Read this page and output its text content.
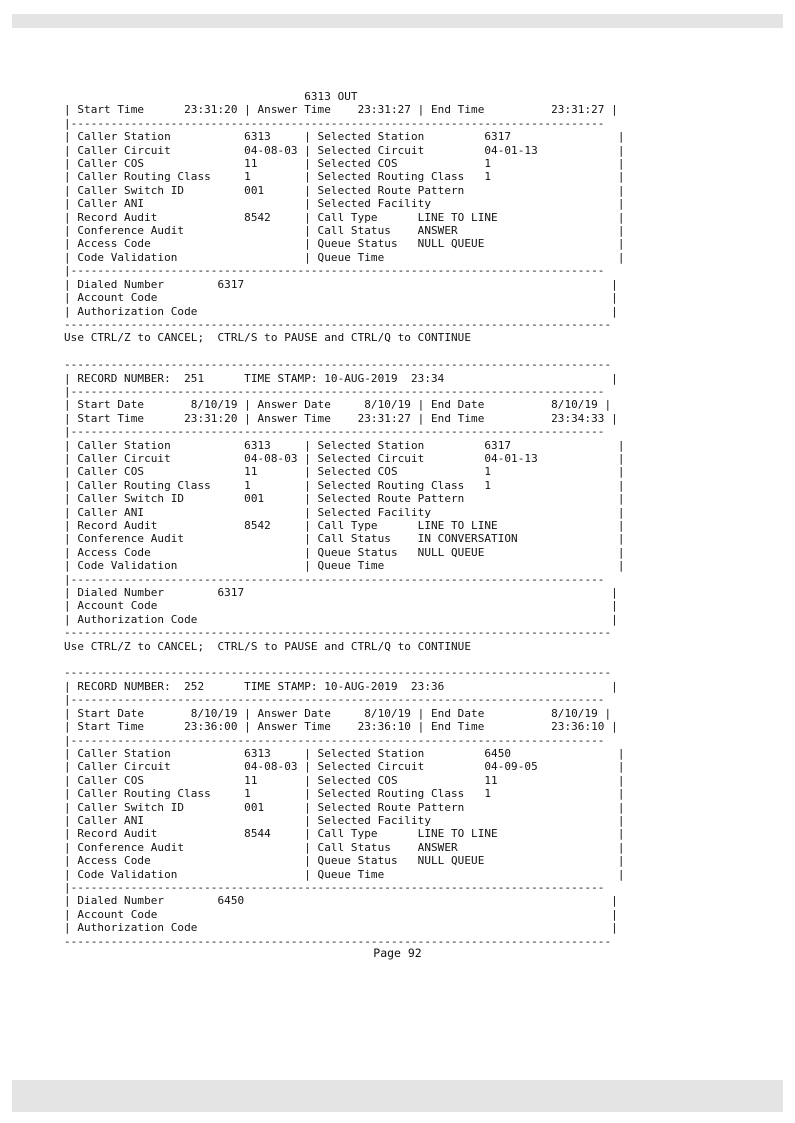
6313 OUT
| Start Time      23:31:20 | Answer Time    23:31:27 | End Time          23:31:27 |
|--------------------------------------------------------------------------------
| Caller Station           6313     | Selected Station         6317                |
| Caller Circuit           04-08-03 | Selected Circuit         04-01-13            |
| Caller COS               11       | Selected COS             1                   |
| Caller Routing Class     1        | Selected Routing Class   1                   |
| Caller Switch ID         001      | Selected Route Pattern                       |
| Caller ANI                        | Selected Facility                            |
| Record Audit             8542     | Call Type      LINE TO LINE                  |
| Conference Audit                  | Call Status    ANSWER                        |
| Access Code                       | Queue Status   NULL QUEUE                    |
| Code Validation                   | Queue Time                                   |
|--------------------------------------------------------------------------------
| Dialed Number        6317                                                       |
| Account Code                                                                    |
| Authorization Code                                                              |
----------------------------------------------------------------------------------
Use CTRL/Z to CANCEL;  CTRL/S to PAUSE and CTRL/Q to CONTINUE

----------------------------------------------------------------------------------
| RECORD NUMBER:  251      TIME STAMP: 10-AUG-2019  23:34                         |
|--------------------------------------------------------------------------------
| Start Date       8/10/19 | Answer Date     8/10/19 | End Date          8/10/19 |
| Start Time      23:31:20 | Answer Time    23:31:27 | End Time          23:34:33 |
|--------------------------------------------------------------------------------
| Caller Station           6313     | Selected Station         6317                |
| Caller Circuit           04-08-03 | Selected Circuit         04-01-13            |
| Caller COS               11       | Selected COS             1                   |
| Caller Routing Class     1        | Selected Routing Class   1                   |
| Caller Switch ID         001      | Selected Route Pattern                       |
| Caller ANI                        | Selected Facility                            |
| Record Audit             8542     | Call Type      LINE TO LINE                  |
| Conference Audit                  | Call Status    IN CONVERSATION               |
| Access Code                       | Queue Status   NULL QUEUE                    |
| Code Validation                   | Queue Time                                   |
|--------------------------------------------------------------------------------
| Dialed Number        6317                                                       |
| Account Code                                                                    |
| Authorization Code                                                              |
----------------------------------------------------------------------------------
Use CTRL/Z to CANCEL;  CTRL/S to PAUSE and CTRL/Q to CONTINUE

----------------------------------------------------------------------------------
| RECORD NUMBER:  252      TIME STAMP: 10-AUG-2019  23:36                         |
|--------------------------------------------------------------------------------
| Start Date       8/10/19 | Answer Date     8/10/19 | End Date          8/10/19 |
| Start Time      23:36:00 | Answer Time    23:36:10 | End Time          23:36:10 |
|--------------------------------------------------------------------------------
| Caller Station           6313     | Selected Station         6450                |
| Caller Circuit           04-08-03 | Selected Circuit         04-09-05            |
| Caller COS               11       | Selected COS             11                  |
| Caller Routing Class     1        | Selected Routing Class   1                   |
| Caller Switch ID         001      | Selected Route Pattern                       |
| Caller ANI                        | Selected Facility                            |
| Record Audit             8544     | Call Type      LINE TO LINE                  |
| Conference Audit                  | Call Status    ANSWER                        |
| Access Code                       | Queue Status   NULL QUEUE                    |
| Code Validation                   | Queue Time                                   |
|--------------------------------------------------------------------------------
| Dialed Number        6450                                                       |
| Account Code                                                                    |
| Authorization Code                                                              |
----------------------------------------------------------------------------------

Page 92
